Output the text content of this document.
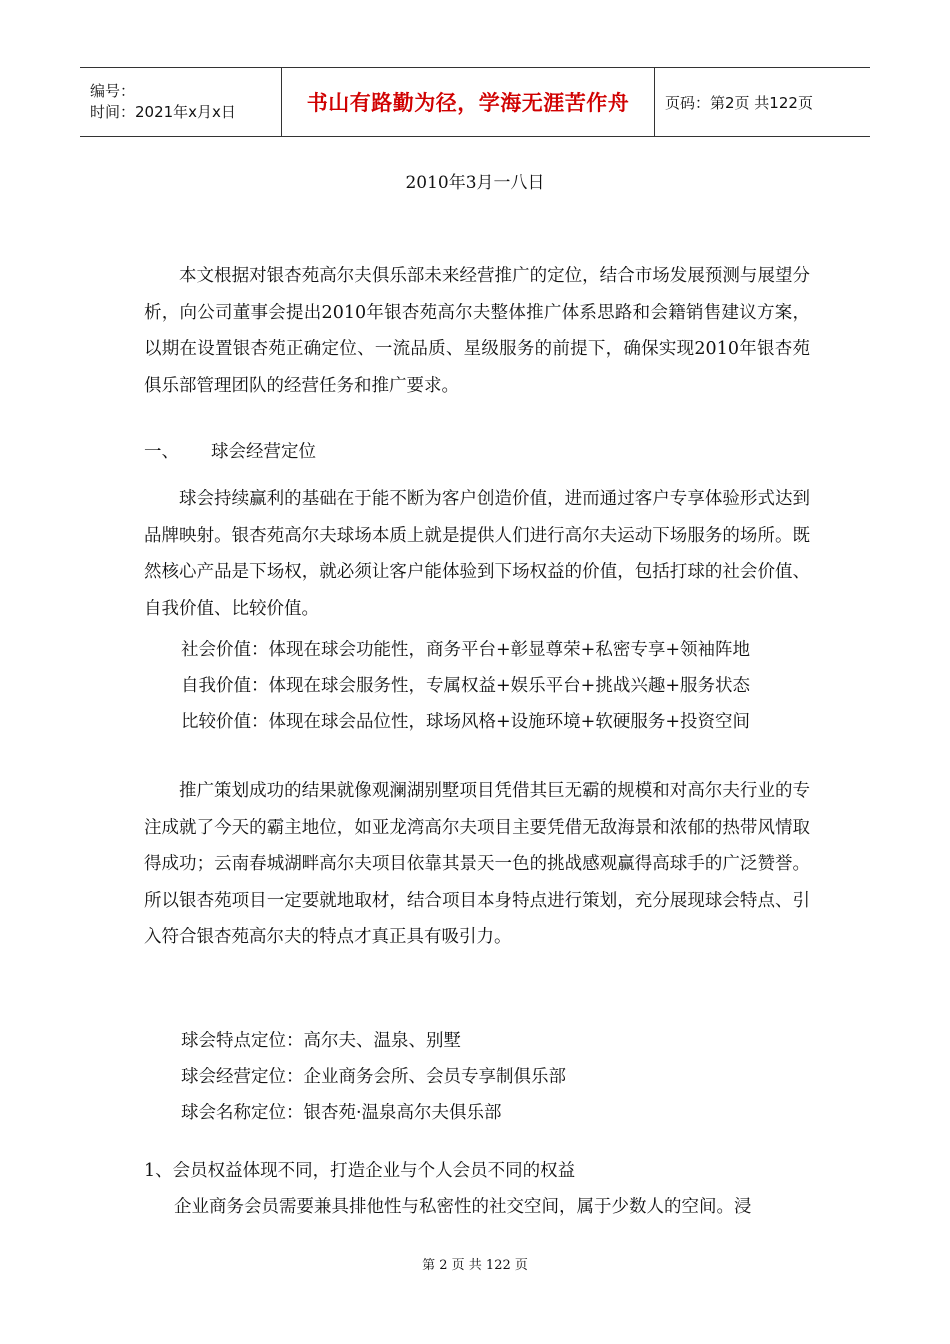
编号：
时间：2021年x月x日	书山有路勤为径，学海无涯苦作舟 页码：第2页 共122页
2010年3月一八日

本文根据对银杏苑高尔夫俱乐部未来经营推广的定位，结合市场发展预测与展望分析，向公司董事会提出2010年银杏苑高尔夫整体推广体系思路和会籍销售建议方案，以期在设置银杏苑正确定位、一流品质、星级服务的前提下，确保实现2010年银杏苑俱乐部管理团队的经营任务和推广要求。

一、 球会经营定位

球会持续赢利的基础在于能不断为客户创造价值，进而通过客户专享体验形式达到品牌映射。银杏苑高尔夫球场本质上就是提供人们进行高尔夫运动下场服务的场所。既然核心产品是下场权，就必须让客户能体验到下场权益的价值，包括打球的社会价值、自我价值、比较价值。

社会价值：体现在球会功能性，商务平台+彰显尊荣+私密专享+领袖阵地
自我价值：体现在球会服务性，专属权益+娱乐平台+挑战兴趣+服务状态
比较价值：体现在球会品位性，球场风格+设施环境+软硬服务+投资空间

推广策划成功的结果就像观澜湖别墅项目凭借其巨无霸的规模和对高尔夫行业的专注成就了今天的霸主地位，如亚龙湾高尔夫项目主要凭借无敌海景和浓郁的热带风情取得成功；云南春城湖畔高尔夫项目依靠其景天一色的挑战感观赢得高球手的广泛赞誉。所以银杏苑项目一定要就地取材，结合项目本身特点进行策划，充分展现球会特点、引入符合银杏苑高尔夫的特点才真正具有吸引力。

球会特点定位：高尔夫、温泉、别墅
球会经营定位：企业商务会所、会员专享制俱乐部
球会名称定位：银杏苑·温泉高尔夫俱乐部
1、会员权益体现不同，打造企业与个人会员不同的权益
企业商务会员需要兼具排他性与私密性的社交空间，属于少数人的空间。浸
第 2 页 共 122 页
